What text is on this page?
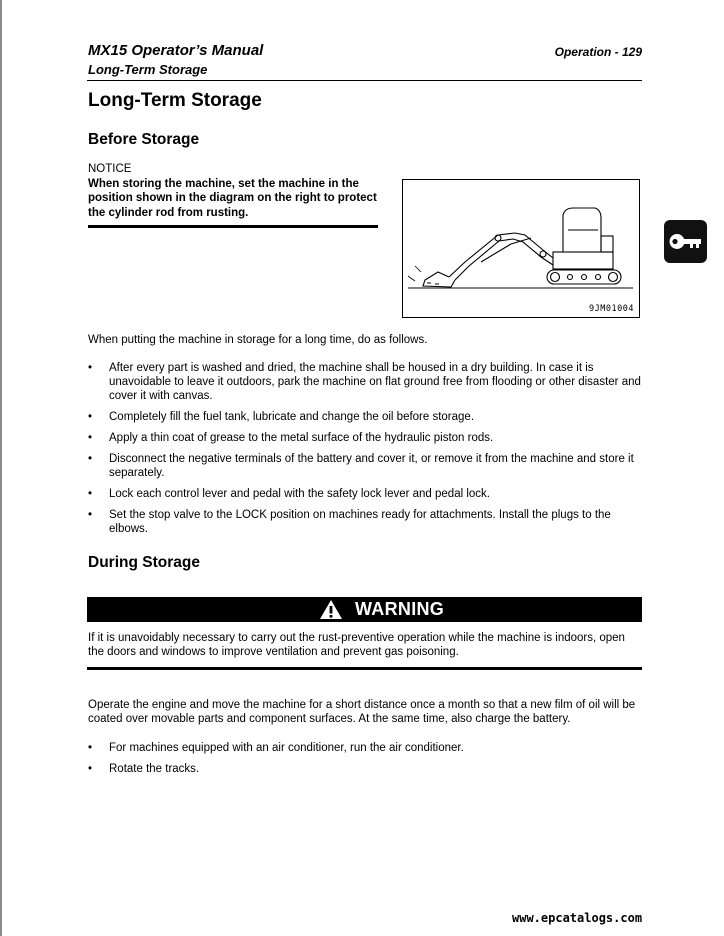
MX15 Operator’s Manual
Long-Term Storage
Operation - 129
Long-Term Storage
Before Storage
NOTICE
When storing the machine, set the machine in the position shown in the diagram on the right to protect the cylinder rod from rusting.
9JM01004
When putting the machine in storage for a long time, do as follows.
• After every part is washed and dried, the machine shall be housed in a dry building. In case it is unavoidable to leave it outdoors, park the machine on flat ground free from flooding or other disaster and cover it with canvas.
• Completely fill the fuel tank, lubricate and change the oil before storage.
• Apply a thin coat of grease to the metal surface of the hydraulic piston rods.
• Disconnect the negative terminals of the battery and cover it, or remove it from the machine and store it separately.
• Lock each control lever and pedal with the safety lock lever and pedal lock.
• Set the stop valve to the LOCK position on machines ready for attachments. Install the plugs to the elbows.
During Storage
WARNING
If it is unavoidably necessary to carry out the rust-preventive operation while the machine is indoors, open the doors and windows to improve ventilation and prevent gas poisoning.
Operate the engine and move the machine for a short distance once a month so that a new film of oil will be coated over movable parts and component surfaces. At the same time, also charge the battery.
• For machines equipped with an air conditioner, run the air conditioner.
• Rotate the tracks.
www.epcatalogs.com
